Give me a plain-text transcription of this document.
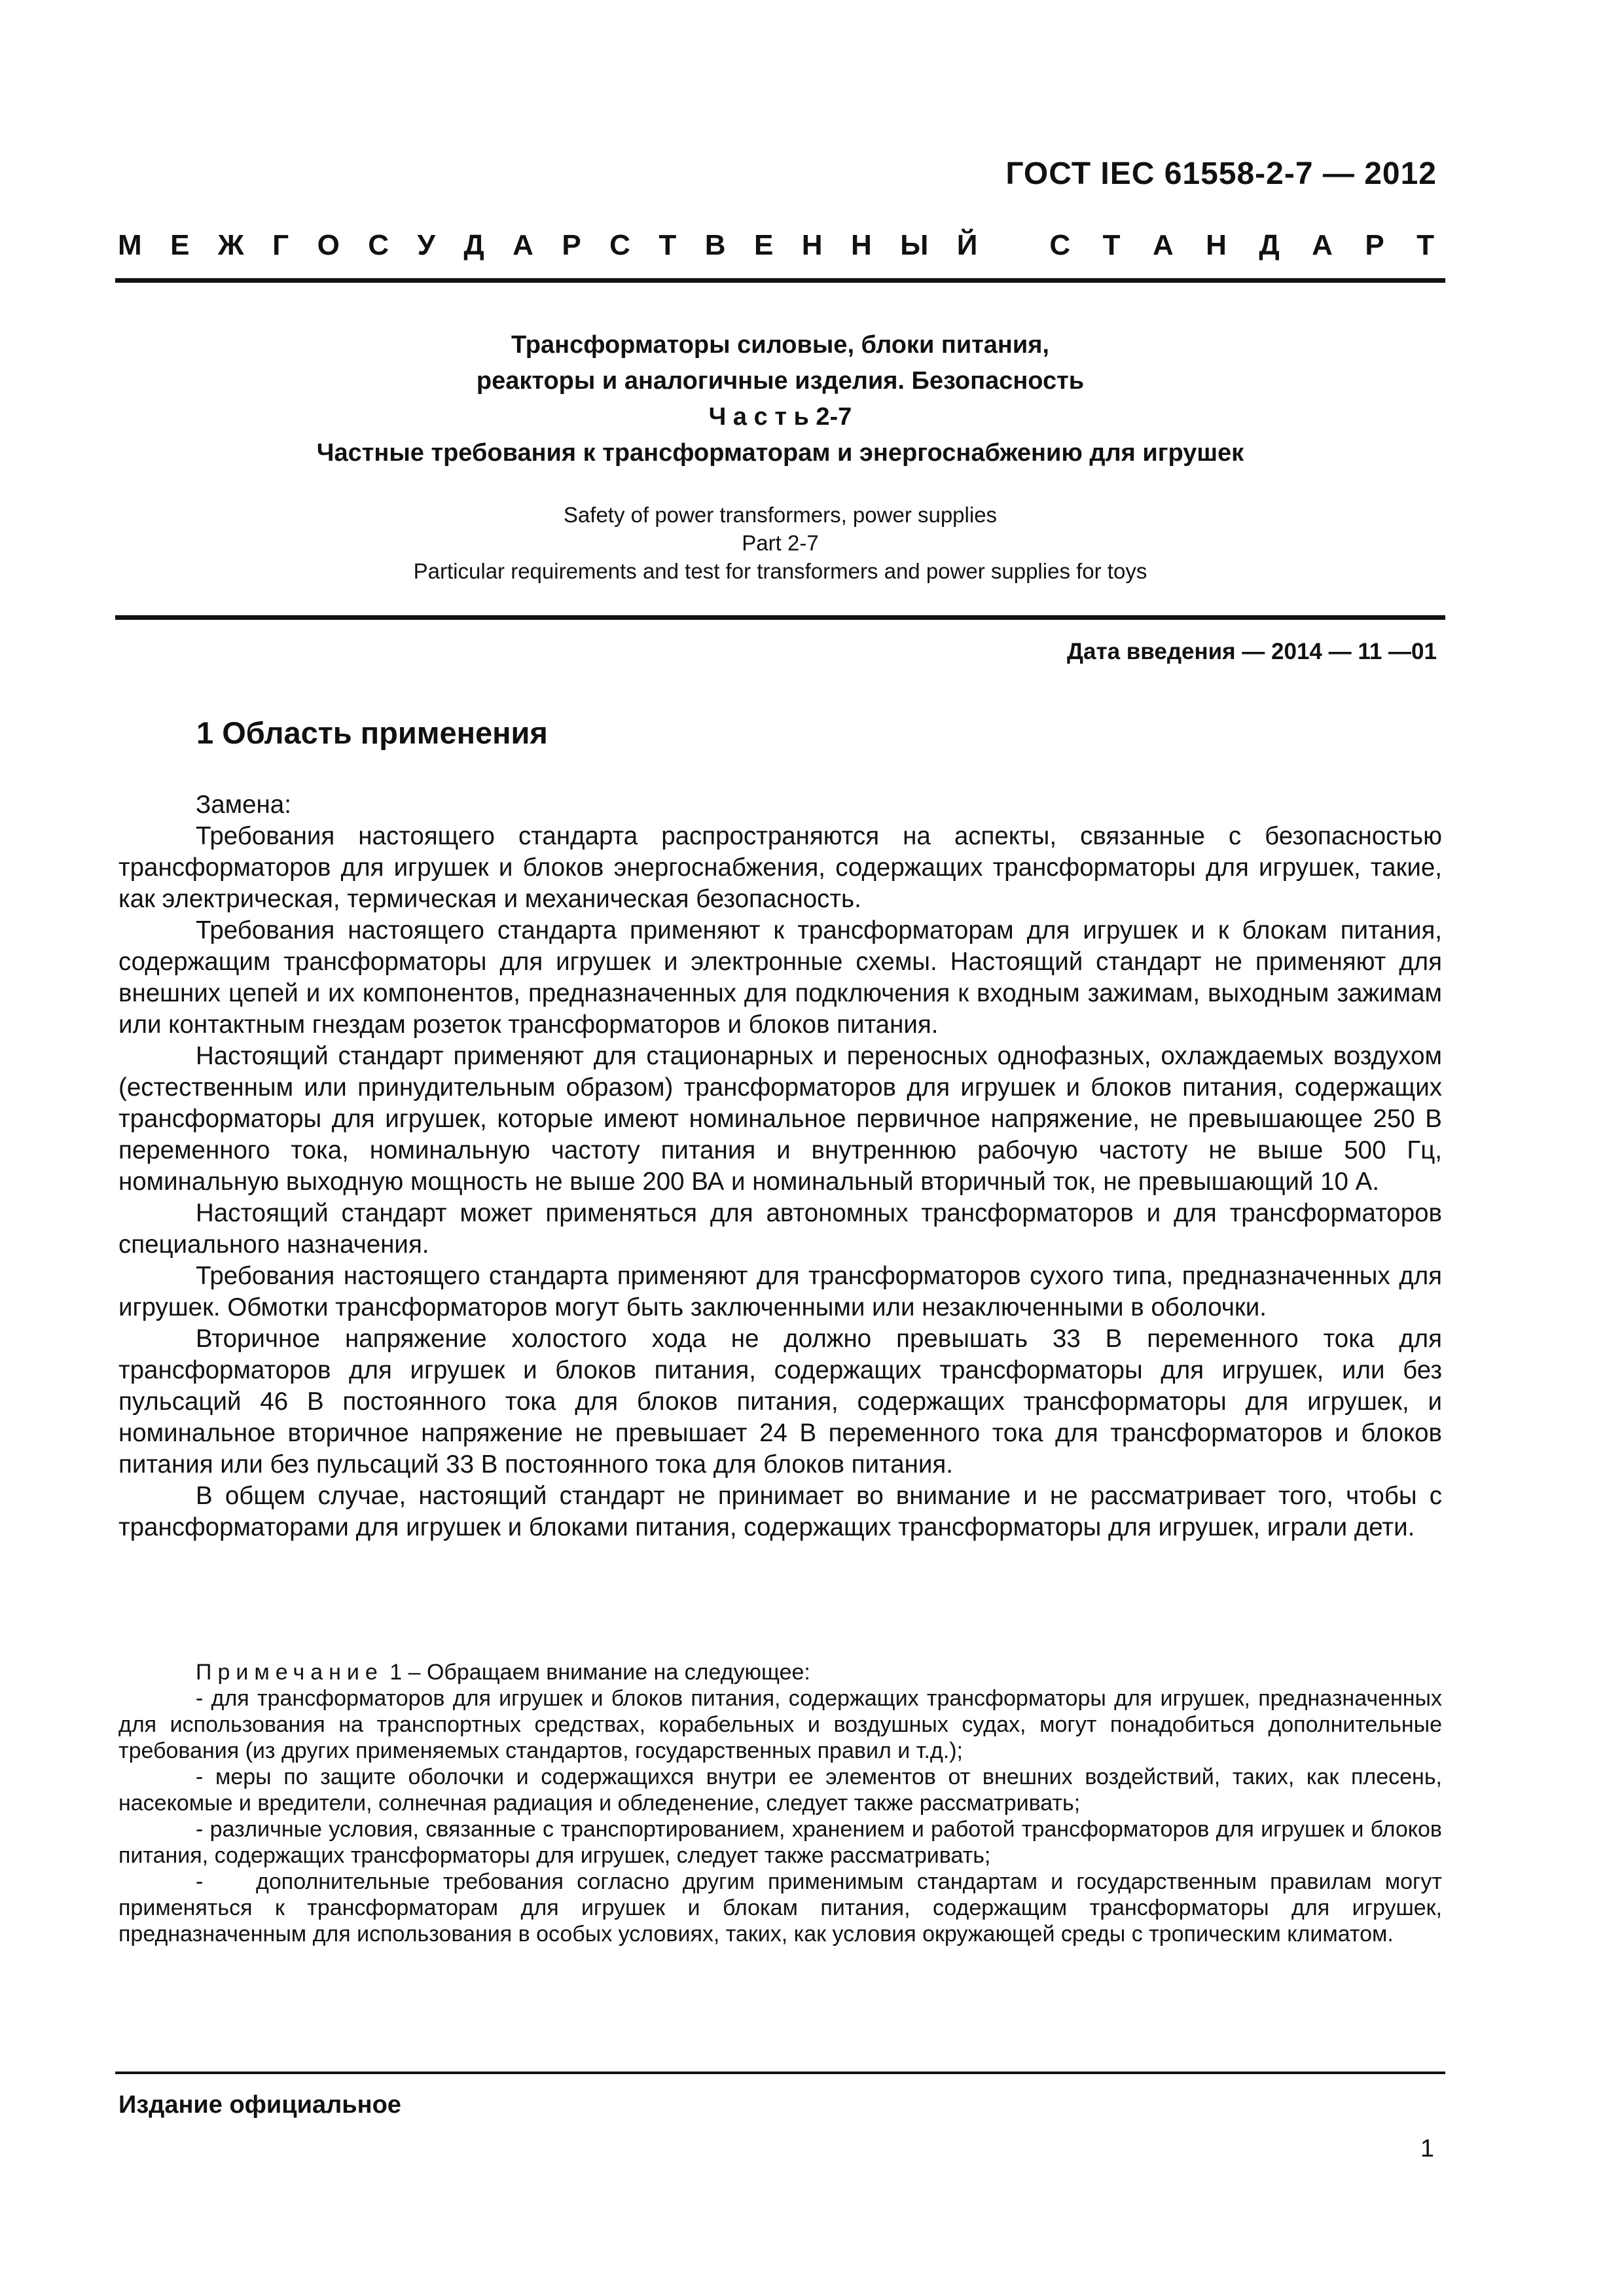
ГОСТ IEC 61558-2-7 — 2012
М Е Ж Г О С У Д А Р С Т В Е Н Н Ы Й	С Т А Н Д А Р Т
Трансформаторы силовые, блоки питания,
реакторы и аналогичные изделия. Безопасность
Ч а с т ь 2-7
Частные требования к трансформаторам и энергоснабжению для игрушек
Safety of power transformers, power supplies
Part 2-7
Particular requirements and test for transformers and power supplies for toys
Дата введения — 2014 — 11 —01
1 Область применения

Замена:

Требования настоящего стандарта распространяются на аспекты, связанные с безопасностью трансформаторов для игрушек и блоков энергоснабжения, содержащих трансформаторы для игрушек, такие, как электрическая, термическая и механическая безопасность.

Требования настоящего стандарта применяют к трансформаторам для игрушек и к блокам питания, содержащим трансформаторы для игрушек и электронные схемы. Настоящий стандарт не применяют для внешних цепей и их компонентов, предназначенных для подключения к входным зажимам, выходным зажимам или контактным гнездам розеток трансформаторов и блоков питания.

Настоящий стандарт применяют для стационарных и переносных однофазных, охлаждаемых воздухом (естественным или принудительным образом) трансформаторов для игрушек и блоков питания, содержащих трансформаторы для игрушек, которые имеют номинальное первичное напряжение, не превышающее 250 В переменного тока, номинальную частоту питания и внутреннюю рабочую частоту не выше 500 Гц, номинальную выходную мощность не выше 200 ВА и номинальный вторичный ток, не превышающий 10 А.

Настоящий стандарт может применяться для автономных трансформаторов и для трансформаторов специального назначения.

Требования настоящего стандарта применяют для трансформаторов сухого типа, предназначенных для игрушек. Обмотки трансформаторов могут быть заключенными или незаключенными в оболочки.

Вторичное напряжение холостого хода не должно превышать 33 В переменного тока для трансформаторов для игрушек и блоков питания, содержащих трансформаторы для игрушек, или без пульсаций 46 В постоянного тока для блоков питания, содержащих трансформаторы для игрушек, и номинальное вторичное напряжение не превышает 24 В переменного тока для трансформаторов и блоков питания или без пульсаций 33 В постоянного тока для блоков питания.

В общем случае, настоящий стандарт не принимает во внимание и не рассматривает того, чтобы с трансформаторами для игрушек и блоками питания, содержащих трансформаторы для игрушек, играли дети.

Примечание 1 – Обращаем внимание на следующее:

- для трансформаторов для игрушек и блоков питания, содержащих трансформаторы для игрушек, предназначенных для использования на транспортных средствах, корабельных и воздушных судах, могут понадобиться дополнительные требования (из других применяемых стандартов, государственных правил и т.д.);

- меры по защите оболочки и содержащихся внутри ее элементов от внешних воздействий, таких, как плесень, насекомые и вредители, солнечная радиация и обледенение, следует также рассматривать;

- различные условия, связанные с транспортированием, хранением и работой трансформаторов для игрушек и блоков питания, содержащих трансформаторы для игрушек, следует также рассматривать;

-    дополнительные требования согласно другим применимым стандартам и государственным правилам могут применяться к трансформаторам для игрушек и блокам питания, содержащим трансформаторы для игрушек, предназначенным для использования в особых условиях, таких, как условия окружающей среды с тропическим климатом.

Издание официальное
1
